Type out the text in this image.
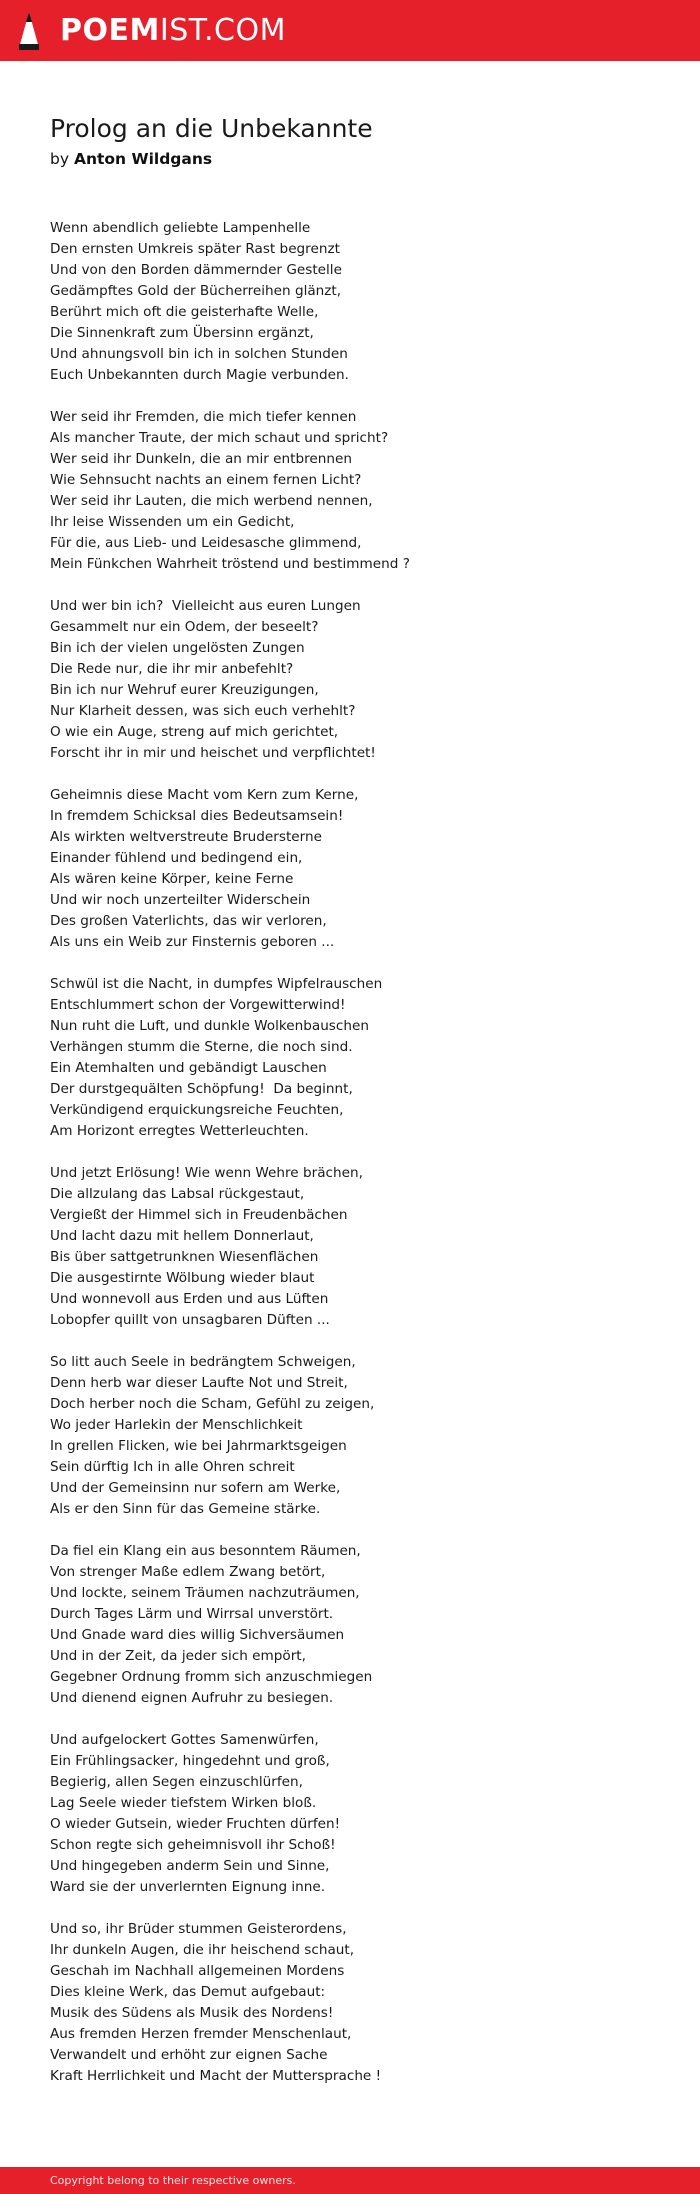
POEMIST.COM
Prolog an die Unbekannte
by Anton Wildgans
Wenn abendlich geliebte Lampenhelle
Den ernsten Umkreis später Rast begrenzt
Und von den Borden dämmernder Gestelle
Gedämpftes Gold der Bücherreihen glänzt,
Berührt mich oft die geisterhafte Welle,
Die Sinnenkraft zum Übersinn ergänzt,
Und ahnungsvoll bin ich in solchen Stunden
Euch Unbekannten durch Magie verbunden.
Wer seid ihr Fremden, die mich tiefer kennen
Als mancher Traute, der mich schaut und spricht?
Wer seid ihr Dunkeln, die an mir entbrennen
Wie Sehnsucht nachts an einem fernen Licht?
Wer seid ihr Lauten, die mich werbend nennen,
Ihr leise Wissenden um ein Gedicht,
Für die, aus Lieb- und Leidesasche glimmend,
Mein Fünkchen Wahrheit tröstend und bestimmend ?
Und wer bin ich?  Vielleicht aus euren Lungen
Gesammelt nur ein Odem, der beseelt?
Bin ich der vielen ungelösten Zungen
Die Rede nur, die ihr mir anbefehlt?
Bin ich nur Wehruf eurer Kreuzigungen,
Nur Klarheit dessen, was sich euch verhehlt?
O wie ein Auge, streng auf mich gerichtet,
Forscht ihr in mir und heischet und verpflichtet!
Geheimnis diese Macht vom Kern zum Kerne,
In fremdem Schicksal dies Bedeutsamsein!
Als wirkten weltverstreute Brudersterne
Einander fühlend und bedingend ein,
Als wären keine Körper, keine Ferne
Und wir noch unzerteilter Widerschein
Des großen Vaterlichts, das wir verloren,
Als uns ein Weib zur Finsternis geboren ...
Schwül ist die Nacht, in dumpfes Wipfelrauschen
Entschlummert schon der Vorgewitterwind!
Nun ruht die Luft, und dunkle Wolkenbauschen
Verhängen stumm die Sterne, die noch sind.
Ein Atemhalten und gebändigt Lauschen
Der durstgequälten Schöpfung!  Da beginnt,
Verkündigend erquickungsreiche Feuchten,
Am Horizont erregtes Wetterleuchten.
Und jetzt Erlösung! Wie wenn Wehre brächen,
Die allzulang das Labsal rückgestaut,
Vergießt der Himmel sich in Freudenbächen
Und lacht dazu mit hellem Donnerlaut,
Bis über sattgetrunknen Wiesenflächen
Die ausgestirnte Wölbung wieder blaut
Und wonnevoll aus Erden und aus Lüften
Lobopfer quillt von unsagbaren Düften ...
So litt auch Seele in bedrängtem Schweigen,
Denn herb war dieser Laufte Not und Streit,
Doch herber noch die Scham, Gefühl zu zeigen,
Wo jeder Harlekin der Menschlichkeit
In grellen Flicken, wie bei Jahrmarktsgeigen
Sein dürftig Ich in alle Ohren schreit
Und der Gemeinsinn nur sofern am Werke,
Als er den Sinn für das Gemeine stärke.
Da fiel ein Klang ein aus besonntem Räumen,
Von strenger Maße edlem Zwang betört,
Und lockte, seinem Träumen nachzuträumen,
Durch Tages Lärm und Wirrsal unverstört.
Und Gnade ward dies willig Sichversäumen
Und in der Zeit, da jeder sich empört,
Gegebner Ordnung fromm sich anzuschmiegen
Und dienend eignen Aufruhr zu besiegen.
Und aufgelockert Gottes Samenwürfen,
Ein Frühlingsacker, hingedehnt und groß,
Begierig, allen Segen einzuschlürfen,
Lag Seele wieder tiefstem Wirken bloß.
O wieder Gutsein, wieder Fruchten dürfen!
Schon regte sich geheimnisvoll ihr Schoß!
Und hingegeben anderm Sein und Sinne,
Ward sie der unverlernten Eignung inne.
Und so, ihr Brüder stummen Geisterordens,
Ihr dunkeln Augen, die ihr heischend schaut,
Geschah im Nachhall allgemeinen Mordens
Dies kleine Werk, das Demut aufgebaut:
Musik des Südens als Musik des Nordens!
Aus fremden Herzen fremder Menschenlaut,
Verwandelt und erhöht zur eignen Sache
Kraft Herrlichkeit und Macht der Muttersprache !
Copyright belong to their respective owners.
